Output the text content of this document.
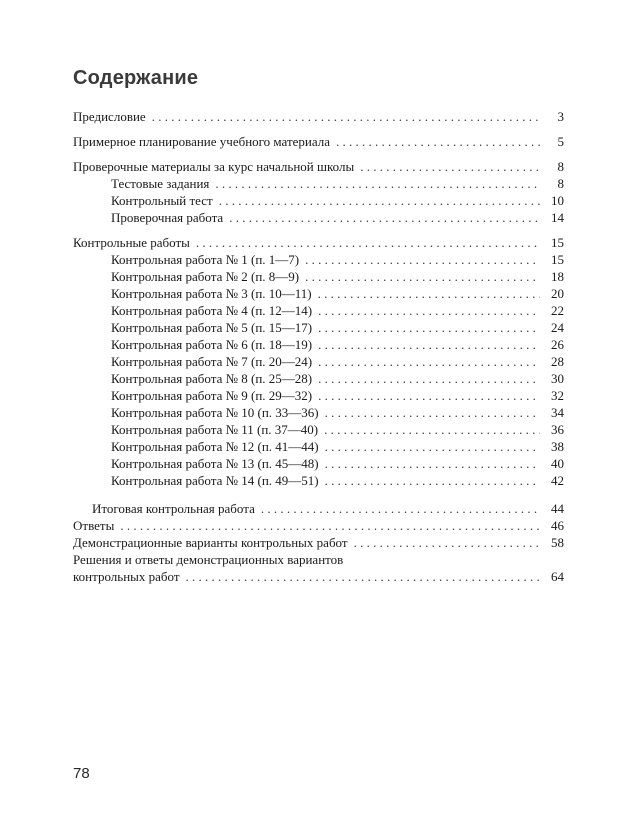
Содержание
Предисловие . . .	3
Примерное планирование учебного материала . . .	5
Проверочные материалы за курс начальной школы . . .	8
Тестовые задания . . .	8
Контрольный тест . . .	10
Проверочная работа . . .	14
Контрольные работы . . .	15
Контрольная работа № 1 (п. 1—7) . . .	15
Контрольная работа № 2 (п. 8—9) . . .	18
Контрольная работа № 3 (п. 10—11) . . .	20
Контрольная работа № 4 (п. 12—14) . . .	22
Контрольная работа № 5 (п. 15—17) . . .	24
Контрольная работа № 6 (п. 18—19) . . .	26
Контрольная работа № 7 (п. 20—24) . . .	28
Контрольная работа № 8 (п. 25—28) . . .	30
Контрольная работа № 9 (п. 29—32) . . .	32
Контрольная работа № 10 (п. 33—36) . . .	34
Контрольная работа № 11 (п. 37—40) . . .	36
Контрольная работа № 12 (п. 41—44) . . .	38
Контрольная работа № 13 (п. 45—48) . . .	40
Контрольная работа № 14 (п. 49—51) . . .	42
Итоговая контрольная работа . . .	44
Ответы . . .	46
Демонстрационные варианты контрольных работ . . .	58
Решения и ответы демонстрационных вариантов
контрольных работ . . .	64
78
